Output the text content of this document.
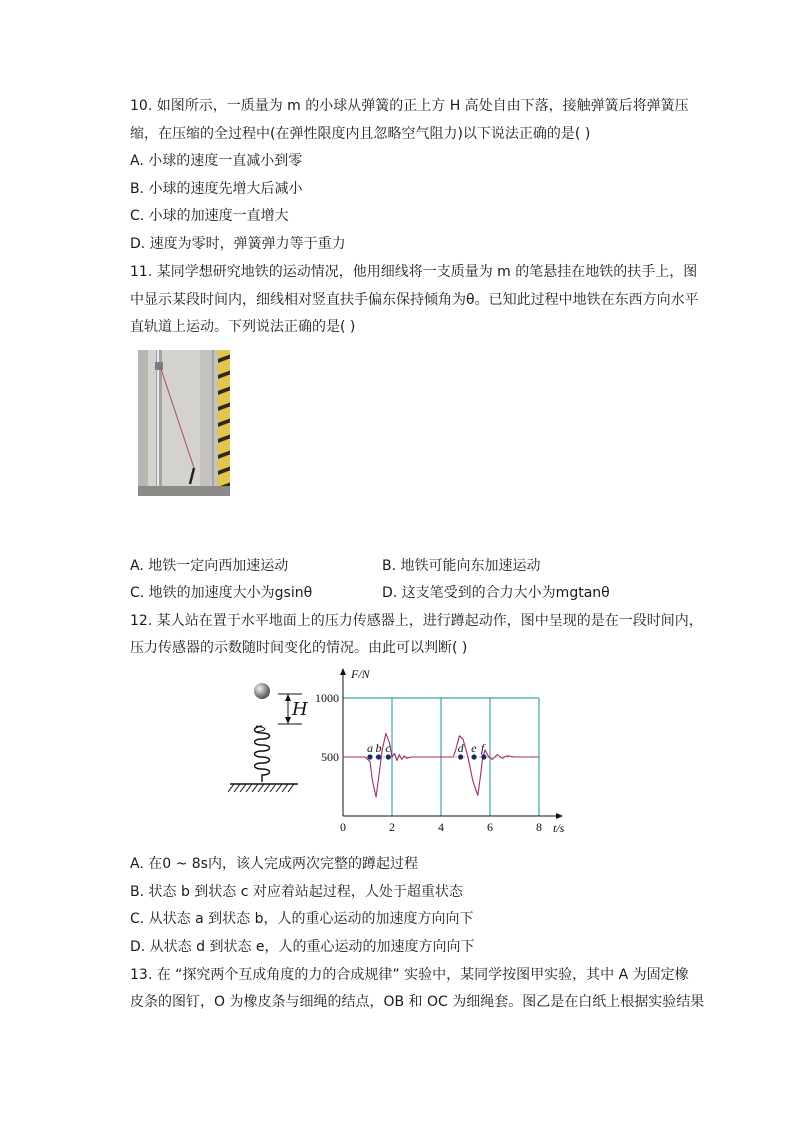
10. 如图所示，一质量为 m 的小球从弹簧的正上方 H 高处自由下落，接触弹簧后将弹簧压
缩，在压缩的全过程中(在弹性限度内且忽略空气阻力)以下说法正确的是( )
A. 小球的速度一直减小到零
B. 小球的速度先增大后减小
C. 小球的加速度一直增大
D. 速度为零时，弹簧弹力等于重力
11. 某同学想研究地铁的运动情况，他用细线将一支质量为 m 的笔悬挂在地铁的扶手上，图
中显示某段时间内，细线相对竖直扶手偏东保持倾角为θ。已知此过程中地铁在东西方向水平
直轨道上运动。下列说法正确的是( )
A. 地铁一定向西加速运动	B. 地铁可能向东加速运动
C. 地铁的加速度大小为gsinθ	D. 这支笔受到的合力大小为mgtanθ
12. 某人站在置于水平地面上的压力传感器上，进行蹲起动作，图中呈现的是在一段时间内，
压力传感器的示数随时间变化的情况。由此可以判断( )
H
0	2	4	6	8
500
1000
t/s
F/N
a b c	d e f
A. 在0 ~ 8s内，该人完成两次完整的蹲起过程
B. 状态 b 到状态 c 对应着站起过程，人处于超重状态
C. 从状态 a 到状态 b，人的重心运动的加速度方向向下
D. 从状态 d 到状态 e，人的重心运动的加速度方向向下
13. 在 “探究两个互成角度的力的合成规律” 实验中，某同学按图甲实验，其中 A 为固定橡
皮条的图钉，O 为橡皮条与细绳的结点，OB 和 OC 为细绳套。图乙是在白纸上根据实验结果
